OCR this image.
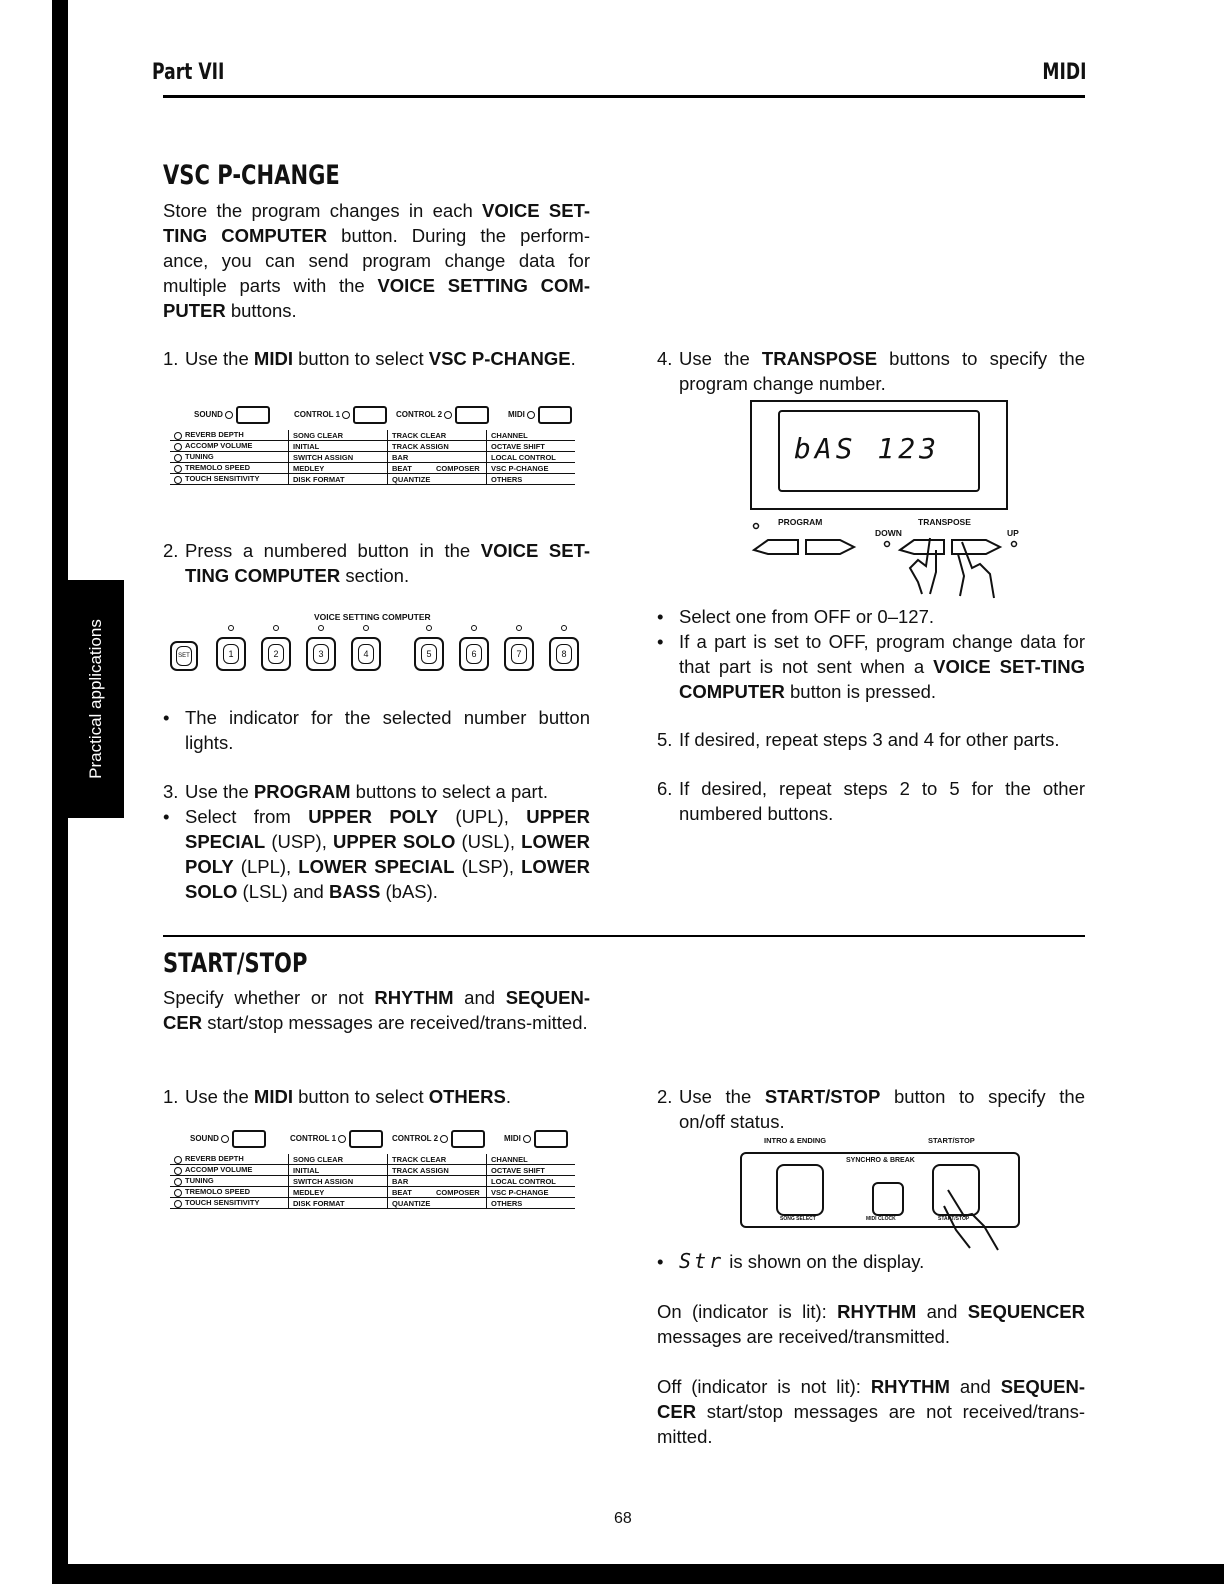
Practical applications
Part VII	MIDI
VSC P-CHANGE
Store the program changes in each VOICE SET-TING COMPUTER button. During the perform-ance, you can send program change data for multiple parts with the VOICE SETTING COM-PUTER buttons.
1. Use the MIDI button to select VSC P-CHANGE.
SOUND	CONTROL 1	CONTROL 2	MIDI
REVERB DEPTH	SONG CLEAR	TRACK CLEAR	CHANNEL
ACCOMP VOLUME	INITIAL	TRACK ASSIGN	OCTAVE SHIFT
TUNING	SWITCH ASSIGN	BAR	LOCAL CONTROL
TREMOLO SPEED	MEDLEY	BEAT COMPOSER	VSC P-CHANGE
TOUCH SENSITIVITY	DISK FORMAT	QUANTIZE	OTHERS
2. Press a numbered button in the VOICE SET-TING COMPUTER section.
VOICE SETTING COMPUTER
SET	1	2	3	4	5	6	7	8
• The indicator for the selected number button lights.
3. Use the PROGRAM buttons to select a part.
• Select from UPPER POLY (UPL), UPPER SPECIAL (USP), UPPER SOLO (USL), LOWER POLY (LPL), LOWER SPECIAL (LSP), LOWER SOLO (LSL) and BASS (bAS).
4. Use the TRANSPOSE buttons to specify the program change number.
bAS 123
PROGRAM	TRANSPOSE
DOWN	UP
• Select one from OFF or 0–127.
• If a part is set to OFF, program change data for that part is not sent when a VOICE SET-TING COMPUTER button is pressed.
5. If desired, repeat steps 3 and 4 for other parts.
6. If desired, repeat steps 2 to 5 for the other numbered buttons.
START/STOP
Specify whether or not RHYTHM and SEQUEN-CER start/stop messages are received/trans-mitted.
1. Use the MIDI button to select OTHERS.
SOUND	CONTROL 1	CONTROL 2	MIDI
REVERB DEPTH	SONG CLEAR	TRACK CLEAR	CHANNEL
ACCOMP VOLUME	INITIAL	TRACK ASSIGN	OCTAVE SHIFT
TUNING	SWITCH ASSIGN	BAR	LOCAL CONTROL
TREMOLO SPEED	MEDLEY	BEAT COMPOSER	VSC P-CHANGE
TOUCH SENSITIVITY	DISK FORMAT	QUANTIZE	OTHERS
2. Use the START/STOP button to specify the on/off status.
INTRO & ENDING	START/STOP
SYNCHRO & BREAK
SONG SELECT	MIDI CLOCK	START/STOP
• Str is shown on the display.
On (indicator is lit): RHYTHM and SEQUENCER messages are received/transmitted.
Off (indicator is not lit): RHYTHM and SEQUEN-CER start/stop messages are not received/trans-mitted.
68
